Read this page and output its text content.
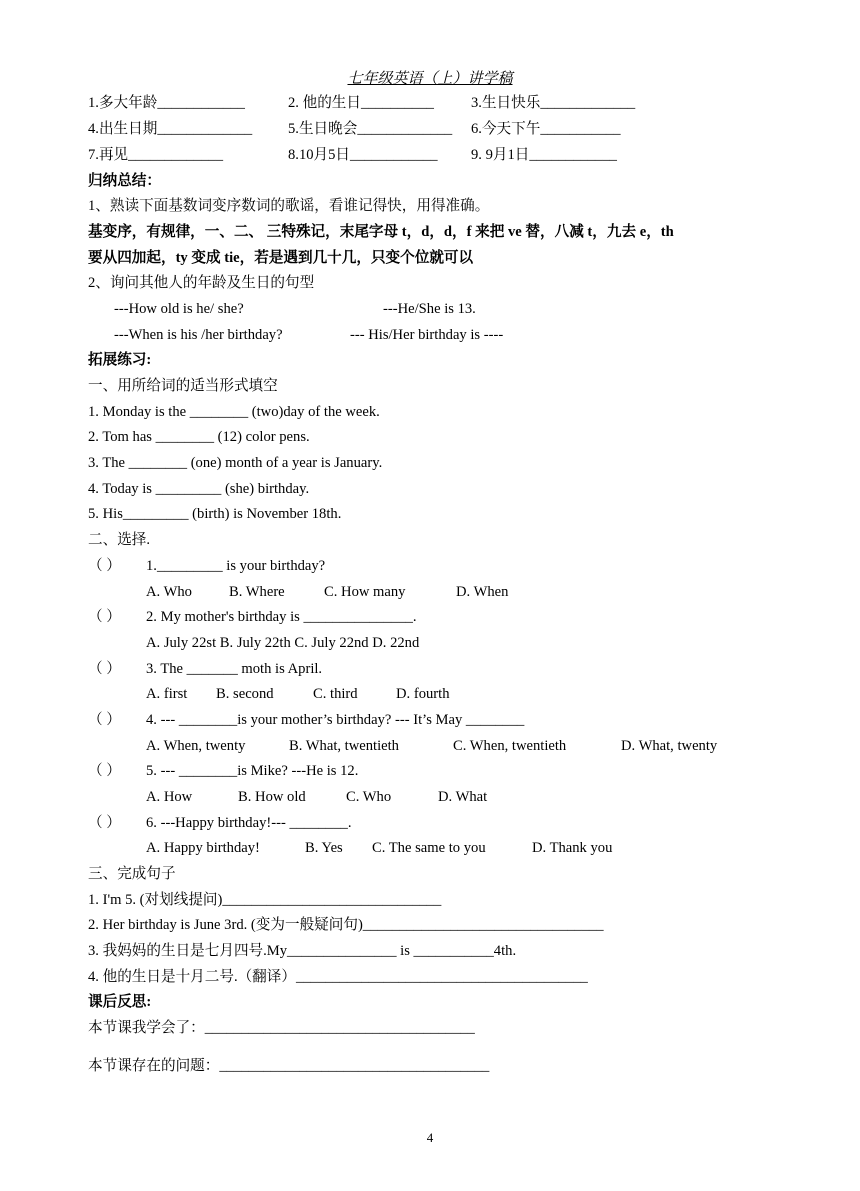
七年级英语（上）讲学稿
1.多大年龄____________	2. 他的生日__________	3.生日快乐_____________
4.出生日期_____________ 5.生日晚会_____________ 6.今天下午___________
7.再见_____________	8.10月5日____________ 9. 9月1日____________
归纳总结：
1、熟读下面基数词变序数词的歌谣，看谁记得快，用得准确。
基变序，有规律，一、二、 三特殊记，末尾字母 t，d，d，f 来把 ve 替，八减 t，九去 e，th
要从四加起，ty 变成 tie，若是遇到几十几，只变个位就可以
2、询问其他人的年龄及生日的句型
---How old is he/ she?	---He/She is 13.
---When is his /her birthday?	--- His/Her birthday is ----
拓展练习:
一、用所给词的适当形式填空
1. Monday is the ________ (two)day of the week.
2. Tom has ________ (12) color pens.
3. The ________ (one) month of a year is January.
4. Today is _________ (she) birthday.
5. His_________ (birth) is November 18th.
二、选择.
（ ） 1._________ is your birthday?
A. Who	B. Where	C. How many	D. When
（ ） 2. My mother's birthday is _______________.
A. July 22st B. July 22th C. July 22nd D. 22nd
（ ） 3. The _______ moth is April.
A. first B. second	C. third	D. fourth
（ ） 4. --- ________is your mother’s birthday? --- It’s May ________
A. When, twenty	B. What, twentieth	C. When, twentieth	D. What, twenty
（ ） 5. --- ________is Mike? ---He is 12.
A. How	B. How old	C. Who	D. What
（ ） 6. ---Happy birthday!--- ________.
A. Happy birthday!	B. Yes C. The same to you	D. Thank you
三、完成句子
1. I'm 5. (对划线提问)______________________________
2. Her birthday is June 3rd. (变为一般疑问句)_________________________________
3. 我妈妈的生日是七月四号.My_______________ is ___________4th.
4. 他的生日是十月二号.（翻译）________________________________________
课后反思:
本节课我学会了：_____________________________________
本节课存在的问题：_____________________________________
4
